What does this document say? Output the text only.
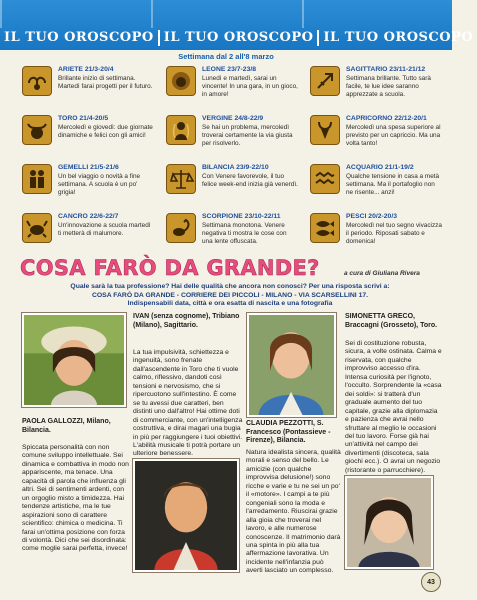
IL TUO OROSCOPO IL TUO OROSCOPO IL TUO OROSCOPO
Settimana dal 2 all'8 marzo
ARIETE 21/3-20/4
Brillante inizio di settimana. Martedì farai progetti per il futuro.
TORO 21/4-20/5
Mercoledì e giovedì: due giornate dinamiche e felici con gli amici!
GEMELLI 21/5-21/6
Un bel viaggio o novità a fine settimana. A scuola è un po' grigia!
CANCRO 22/6-22/7
Un'innovazione a scuola martedì ti metterà di malumore.
LEONE 23/7-23/8
Lunedì e martedì, sarai un vincente! In una gara, in un gioco, in amore!
VERGINE 24/8-22/9
Se hai un problema, mercoledì troverai certamente la via giusta per risolverlo.
BILANCIA 23/9-22/10
Con Venere favorevole, il tuo felice week-end inizia già venerdì.
SCORPIONE 23/10-22/11
Settimana monotona. Venere negativa ti mostra le cose con una lente offuscata.
SAGITTARIO 23/11-21/12
Settimana brillante. Tutto sarà facile, te lue idee saranno apprezzate a scuola.
CAPRICORNO 22/12-20/1
Mercoledì una spesa superiore al previsto per un capriccio. Ma una volta tanto!
ACQUARIO 21/1-19/2
Qualche tensione in casa a metà settimana. Ma il portafoglio non ne risente... anzi!
PESCI 20/2-20/3
Mercoledì nel tuo segno vivacizza il periodo. Riposati sabato e domenica!
COSA FARÒ DA GRANDE?	a cura di Giuliana Rivera
Quale sarà la tua professione? Hai delle qualità che ancora non conosci? Per una risposta scrivi a:
COSA FARÒ DA GRANDE - CORRIERE DEI PICCOLI - MILANO - VIA SCARSELLINI 17.
Indispensabili data, città e ora esatta di nascita e una fotografia
PAOLA GALLOZZI, Milano, Bilancia.
Spiccata personalità con non comune sviluppo intellettuale. Sei dinamica e combattiva in modo non appariscente, ma tenace. Una capacità di parola che influenza gli altri. Sei di sentimenti ardenti, con un orgoglio misto a timidezza. Hai tendenze artistiche, ma le tue aspirazioni sono di carattere scientifico: chimica o medicina. Ti farai un'ottima posizione con forza di volontà. Dici che sei disordinata: come moglie sarai perfetta, invece!
IVAN (senza cognome), Tribiano (Milano), Sagittario.
La tua impulsività, schiettezza e ingenuità, sono frenate dall'ascendente in Toro che ti vuole calmo, riflessivo, dandoti così tensioni e nervosismo, che si ripercuotono sull'intestino. È come se tu avessi due caratteri, ben distinti uno dall'altro! Hai ottime doti di commerciante, con un'intelligenza costruttiva, e dirai magari una bugia in più per raggiungere i tuoi obiettivi. L'abilità musicale ti potrà portare un ulteriore benessere.
CLAUDIA PEZZOTTI, S. Francesco (Pontassieve - Firenze), Bilancia.
Natura idealista sincera, qualità morali e senso del bello. Le amicizie (con qualche improvvisa delusione!) sono ricche e varie e tu ne sei un po' il «motore». I campi a te più congeniali sono la moda e l'arredamento. Riuscirai grazie alla gioia che troverai nel lavoro, e alle numerose conoscenze. Il matrimonio darà una spinta in più alla tua affermazione lavorativa. Un incidente nell'infanzia può averti lasciato un complesso.
SIMONETTA GRECO, Braccagni (Grosseto), Toro.
Sei di costituzione robusta, sicura, a volte ostinata. Calma e riservata, con qualche improvviso accesso d'ira. Intensa curiosità per l'ignoto, l'occulto. Sorprendente la «casa dei soldi»: si tratterà d'un graduale aumento del tuo capitale, grazie alla diplomazia e pazienza che avrai nello sfruttare al meglio le occasioni del tuo lavoro. Forse già hai un'attività nel campo dei divertimenti (discoteca, sala giochi ecc.). O avrai un negozio (ristorante o parrucchiere).
43
